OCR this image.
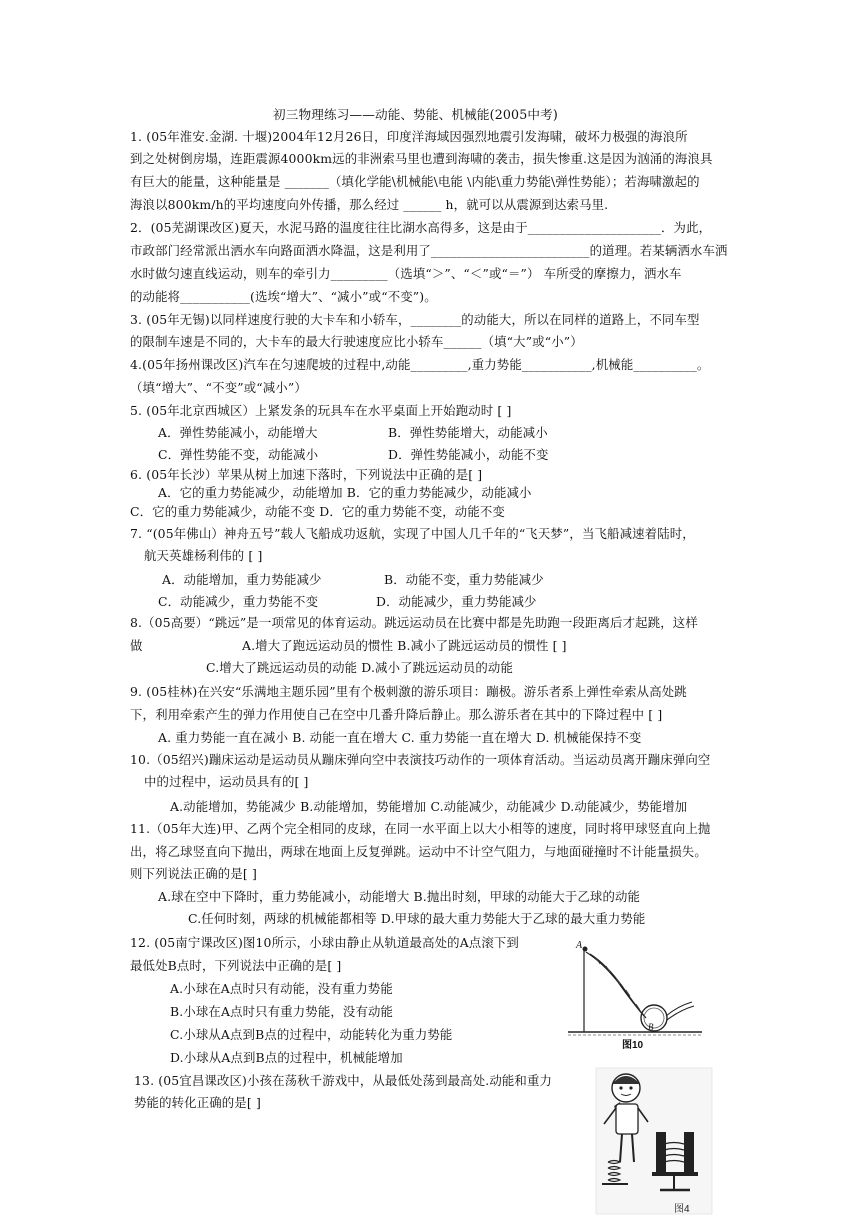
初三物理练习——动能、势能、机械能(2005中考)
1. (05年淮安.金湖. 十堰)2004年12月26日，印度洋海域因强烈地震引发海啸，破坏力极强的海浪所
到之处树倒房塌，连距震源4000km远的非洲索马里也遭到海啸的袭击，损失惨重.这是因为汹涌的海浪具
有巨大的能量，这种能量是 _______（填化学能\机械能\电能 \内能\重力势能\弹性势能）；若海啸激起的
海浪以800km/h的平均速度向外传播，那么经过 ______ h，就可以从震源到达索马里.
2．(05芜湖课改区)夏天，水泥马路的温度往往比湖水高得多，这是由于_____________________．为此，
市政部门经常派出洒水车向路面洒水降温，这是利用了_________________________的道理。若某辆洒水车洒
水时做匀速直线运动，则车的牵引力_________（选填“＞”、“＜”或“＝”） 车所受的摩擦力，洒水车
的动能将___________(选埃“增大”、“减小”或“不变”)。
3. (05年无锡)以同样速度行驶的大卡车和小轿车，________的动能大，所以在同样的道路上，不同车型
的限制车速是不同的，大卡车的最大行驶速度应比小轿车______（填“大”或“小”）
4.(05年扬州课改区)汽车在匀速爬坡的过程中,动能_________,重力势能___________,机械能__________。
（填“增大”、“不变”或“减小”）
5. (05年北京西城区）上紧发条的玩具车在水平桌面上开始跑动时 [ ]
A．弹性势能减小，动能增大	B．弹性势能增大，动能减小
C．弹性势能不变，动能减小	D．弹性势能减小，动能不变
6. (05年长沙）苹果从树上加速下落时，下列说法中正确的是[ ]
A．它的重力势能减少，动能增加 B．它的重力势能减少，动能减小
C．它的重力势能减少，动能不变 D．它的重力势能不变，动能不变
7. “(05年佛山）神舟五号”载人飞船成功返航，实现了中国人几千年的“飞天梦”，当飞船减速着陆时，
航天英雄杨利伟的 [ ]
A．动能增加，重力势能减少	B．动能不变，重力势能减少
C．动能减少，重力势能不变	D．动能减少，重力势能减少
8.（05高要）“跳远”是一项常见的体育运动。跳远运动员在比赛中都是先助跑一段距离后才起跳，这样
做	A.增大了跑远运动员的惯性 B.减小了跳远运动员的惯性 [ ]
C.增大了跳远运动员的动能 D.减小了跳远运动员的动能
9. (05桂林)在兴安“乐满地主题乐园”里有个极刺激的游乐项目：蹦极。游乐者系上弹性牵索从高处跳
下，利用牵索产生的弹力作用使自己在空中几番升降后静止。那么游乐者在其中的下降过程中 [ ]
A. 重力势能一直在减小 B. 动能一直在增大 C. 重力势能一直在增大 D. 机械能保持不变
10.（05绍兴)蹦床运动是运动员从蹦床弹向空中表演技巧动作的一项体育活动。当运动员离开蹦床弹向空
中的过程中，运动员具有的[ ]
A.动能增加，势能减少 B.动能增加，势能增加 C.动能减少，动能减少 D.动能减少，势能增加
11.（05年大连)甲、乙两个完全相同的皮球，在同一水平面上以大小相等的速度，同时将甲球竖直向上抛
出，将乙球竖直向下抛出，两球在地面上反复弹跳。运动中不计空气阻力，与地面碰撞时不计能量损失。
则下列说法正确的是[ ]
A.球在空中下降时，重力势能减小，动能增大 B.抛出时刻，甲球的动能大于乙球的动能
C.任何时刻，两球的机械能都相等 D.甲球的最大重力势能大于乙球的最大重力势能
12. (05南宁课改区)图10所示，小球由静止从轨道最高处的A点滚下到
最低处B点时，下列说法中正确的是[ ]
A.小球在A点时只有动能，没有重力势能
B.小球在A点时只有重力势能，没有动能
C.小球从A点到B点的过程中，动能转化为重力势能
D.小球从A点到B点的过程中，机械能增加
13. (05宜昌课改区)小孩在荡秋千游戏中，从最低处荡到最高处.动能和重力
势能的转化正确的是[ ]
A
B
图10
图4
